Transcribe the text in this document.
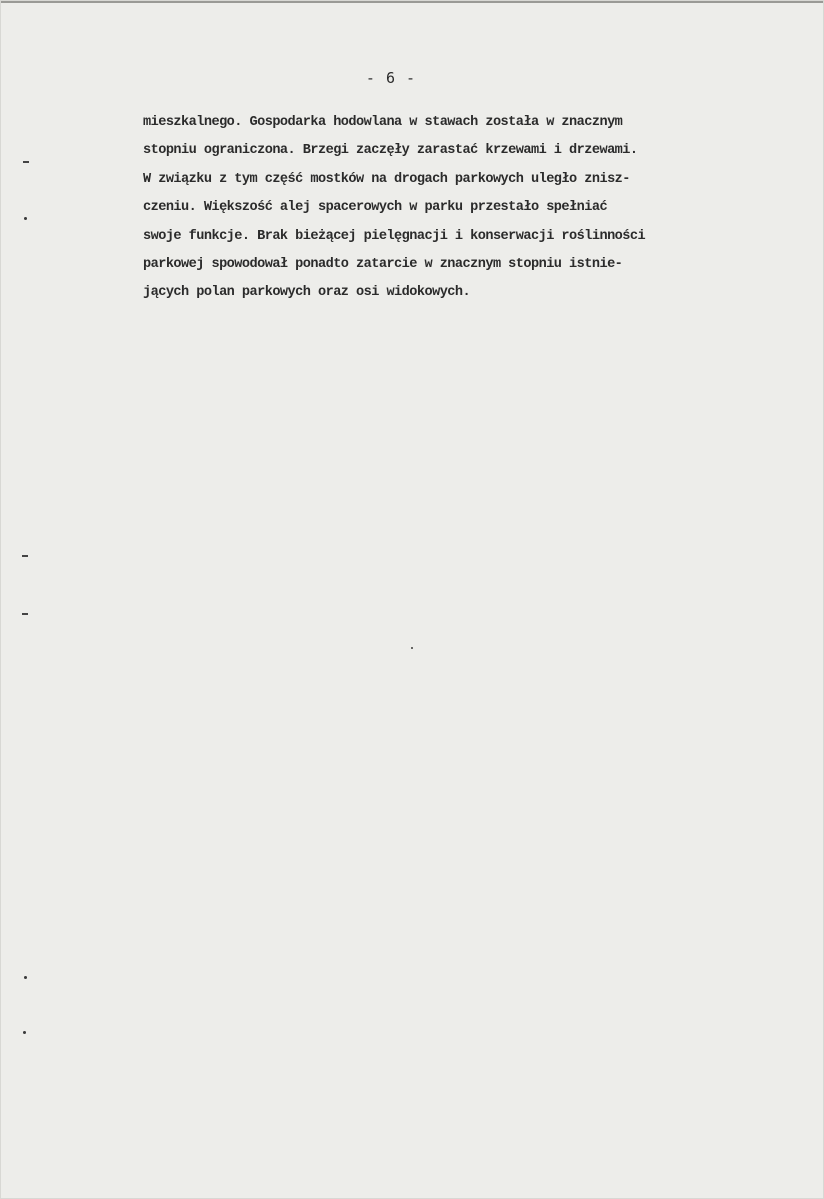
- 6 -
mieszkalnego. Gospodarka hodowlana w stawach została w znacznym
stopniu ograniczona. Brzegi zaczęły zarastać krzewami i drzewami.
W związku z tym część mostków na drogach parkowych uległo znisz-
czeniu. Większość alej spacerowych w parku przestało spełniać
swoje funkcje. Brak bieżącej pielęgnacji i konserwacji roślinności
parkowej spowodował ponadto zatarcie w znacznym stopniu istnie-
jących polan parkowych oraz osi widokowych.
